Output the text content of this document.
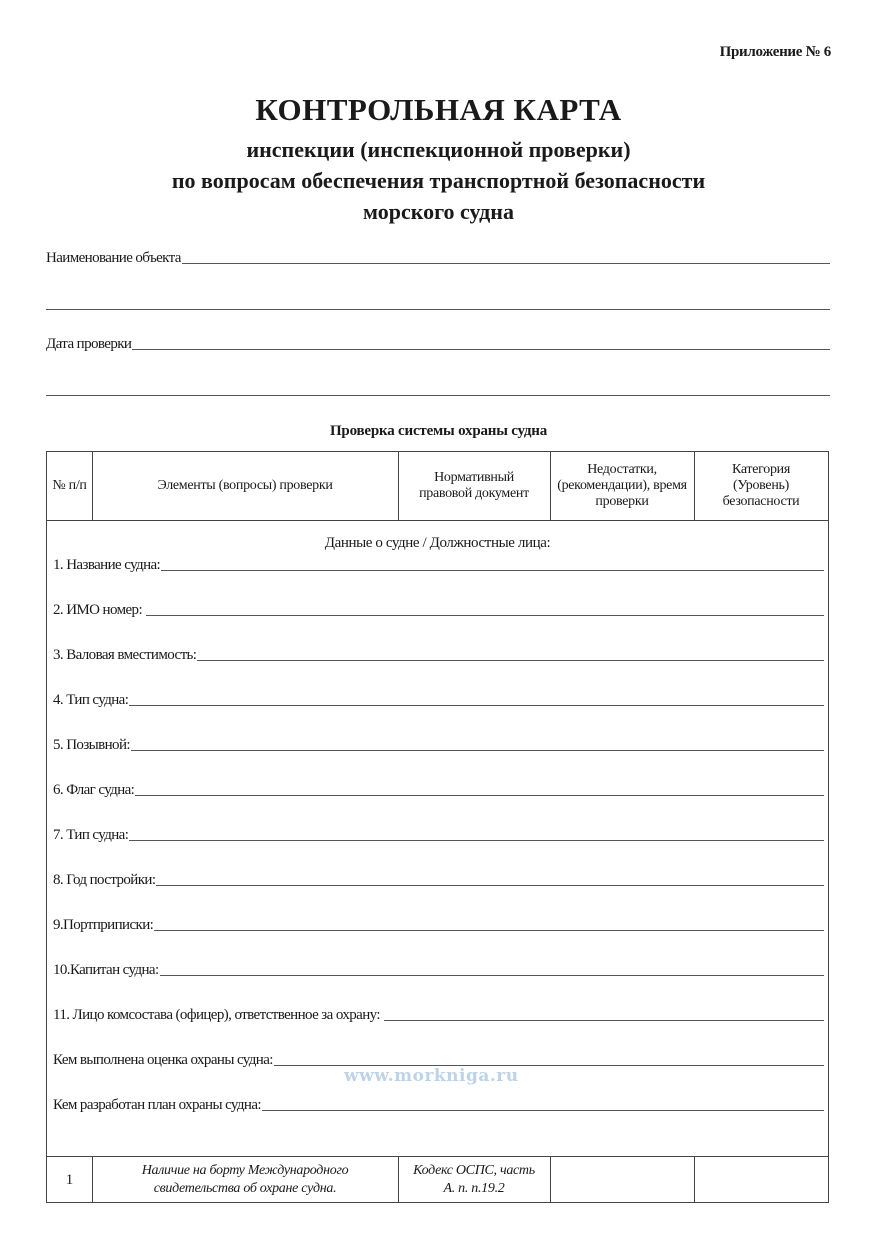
Приложение № 6
КОНТРОЛЬНАЯ КАРТА
инспекции (инспекционной проверки)
по вопросам обеспечения транспортной безопасности
морского судна
Наименование объекта
Дата проверки
Проверка системы охраны судна
№ п/п	Элементы (вопросы) проверки
Нормативный правовой документ
Недостатки, (рекомендации), время проверки
Категория (Уровень) безопасности
Данные о судне / Должностные лица:
1. Название судна:
2. ИМО номер:
3. Валовая вместимость:
4. Тип судна:
5. Позывной:
6. Флаг судна:
7. Тип судна:
8. Год постройки:
9.Портприписки:
10.Капитан судна:
11. Лицо комсостава (офицер), ответственное за охрану:
Кем выполнена оценка охраны судна:
Кем разработан план охраны судна:
1
Наличие на борту Международного свидетельства об охране судна.
Кодекс ОСПС, часть А. п. п.19.2
www.morkniga.ru
